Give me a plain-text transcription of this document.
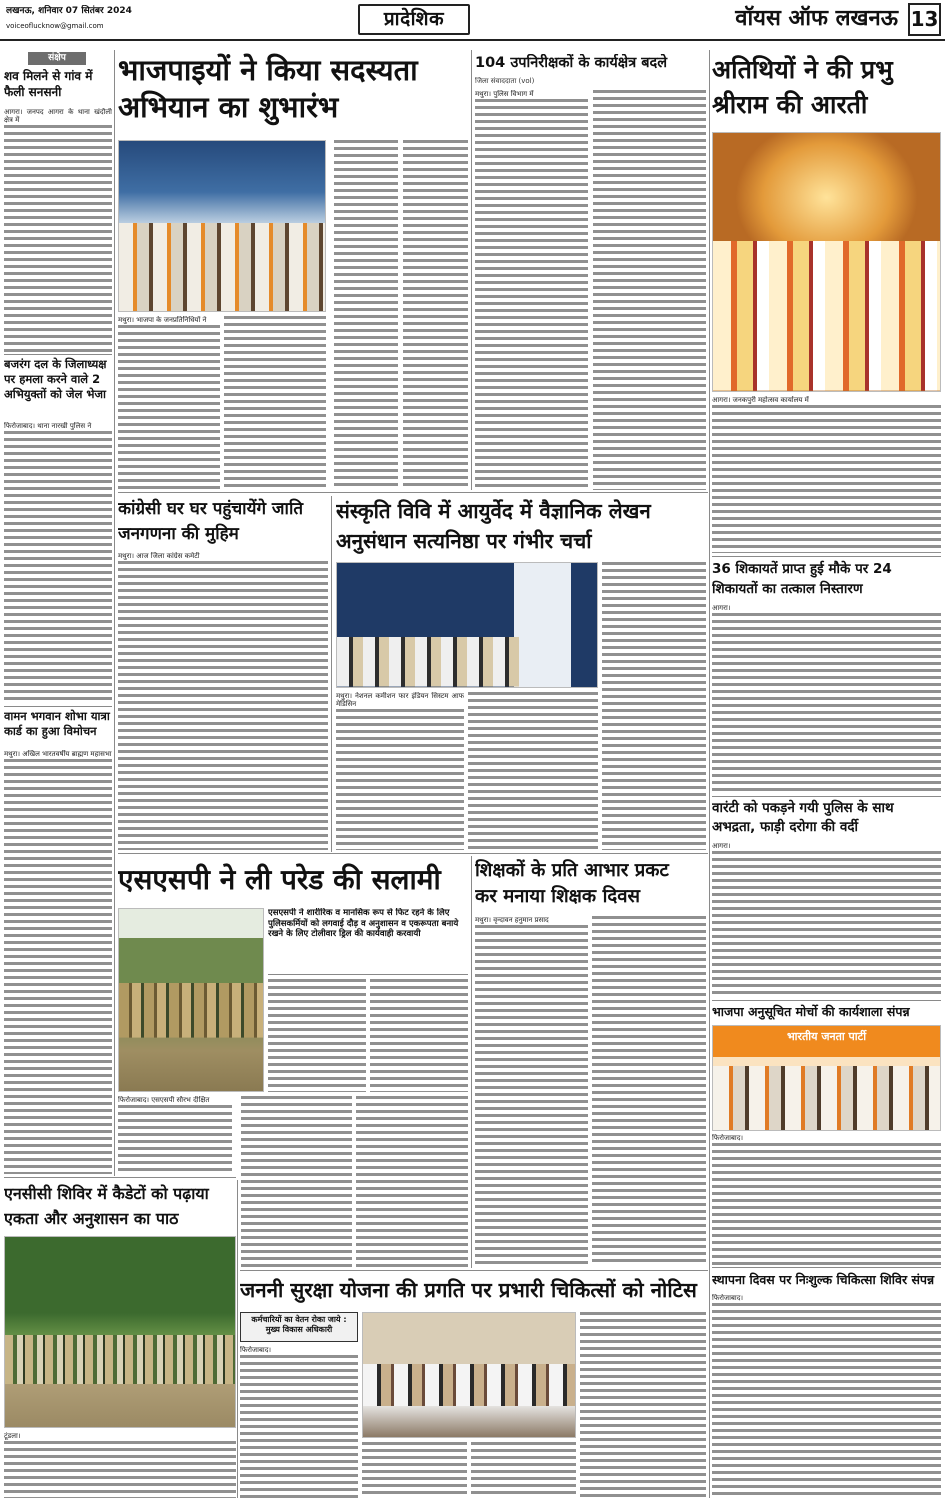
लखनऊ, शनिवार 07 सितंबर 2024
voiceoflucknow@gmail.com	प्रादेशिक	वॉयस ऑफ लखनऊ 13
संक्षेप
शव मिलने से गांव में फैली सनसनी

आगरा। जनपद आगरा के थाना खंदौली क्षेत्र में

बजरंग दल के जिलाध्यक्ष पर हमला करने वाले 2 अभियुक्तों को जेल भेजा

फिरोजाबाद। थाना नारखी पुलिस ने

वामन भगवान शोभा यात्रा कार्ड का हुआ विमोचन

मथुरा। अखिल भारतवर्षीय ब्राह्मण महासभा

भाजपाइयों ने किया सदस्यता
अभियान का शुभारंभ

मथुरा। भाजपा के जनप्रतिनिधियों ने

कांग्रेसी घर घर पहुंचायेंगे जाति
जनगणना की मुहिम

मथुरा। आज जिला कांग्रेस कमेटी

104 उपनिरीक्षकों के कार्यक्षेत्र बदले
जिला संवाददाता (vol)

मथुरा। पुलिस विभाग में

संस्कृति विवि में आयुर्वेद में वैज्ञानिक लेखन
अनुसंधान सत्यनिष्ठा पर गंभीर चर्चा

मथुरा। नेशनल कमीशन फार इंडियन सिस्टम आफ मेडिसिन

एसएसपी ने ली परेड की सलामी
एसएसपी ने शारीरिक व मानसिक रूप से फिट रहने के लिए पुलिसकर्मियों को लगवाई दौड़ व अनुशासन व एकरूपता बनाये रखने के लिए टोलीवार ड्रिल की कार्यवाही करवायी

फिरोजाबाद। एसएसपी सौरभ दीक्षित

शिक्षकों के प्रति आभार प्रकट
कर मनाया शिक्षक दिवस

मथुरा। वृन्दावन हनुमान प्रसाद

एनसीसी शिविर में कैडेटों को पढ़ाया
एकता और अनुशासन का पाठ

टूंडला।

जननी सुरक्षा योजना की प्रगति पर प्रभारी चिकित्सों को नोटिस
कर्मचारियों का वेतन रोका जाये : मुख्य विकास अधिकारी

फिरोजाबाद।

अतिथियों ने की प्रभु
श्रीराम की आरती

आगरा। जनकपुरी महोत्सव कार्यालय में

36 शिकायतें प्राप्त हुई मौके पर 24
शिकायतों का तत्काल निस्तारण

आगरा।

वारंटी को पकड़ने गयी पुलिस के साथ
अभद्रता, फाड़ी दरोगा की वर्दी

आगरा।

भाजपा अनुसूचित मोर्चो की कार्यशाला संपन्न
भारतीय जनता पार्टी

फिरोजाबाद।

स्थापना दिवस पर निःशुल्क चिकित्सा शिविर संपन्न

फिरोजाबाद।
